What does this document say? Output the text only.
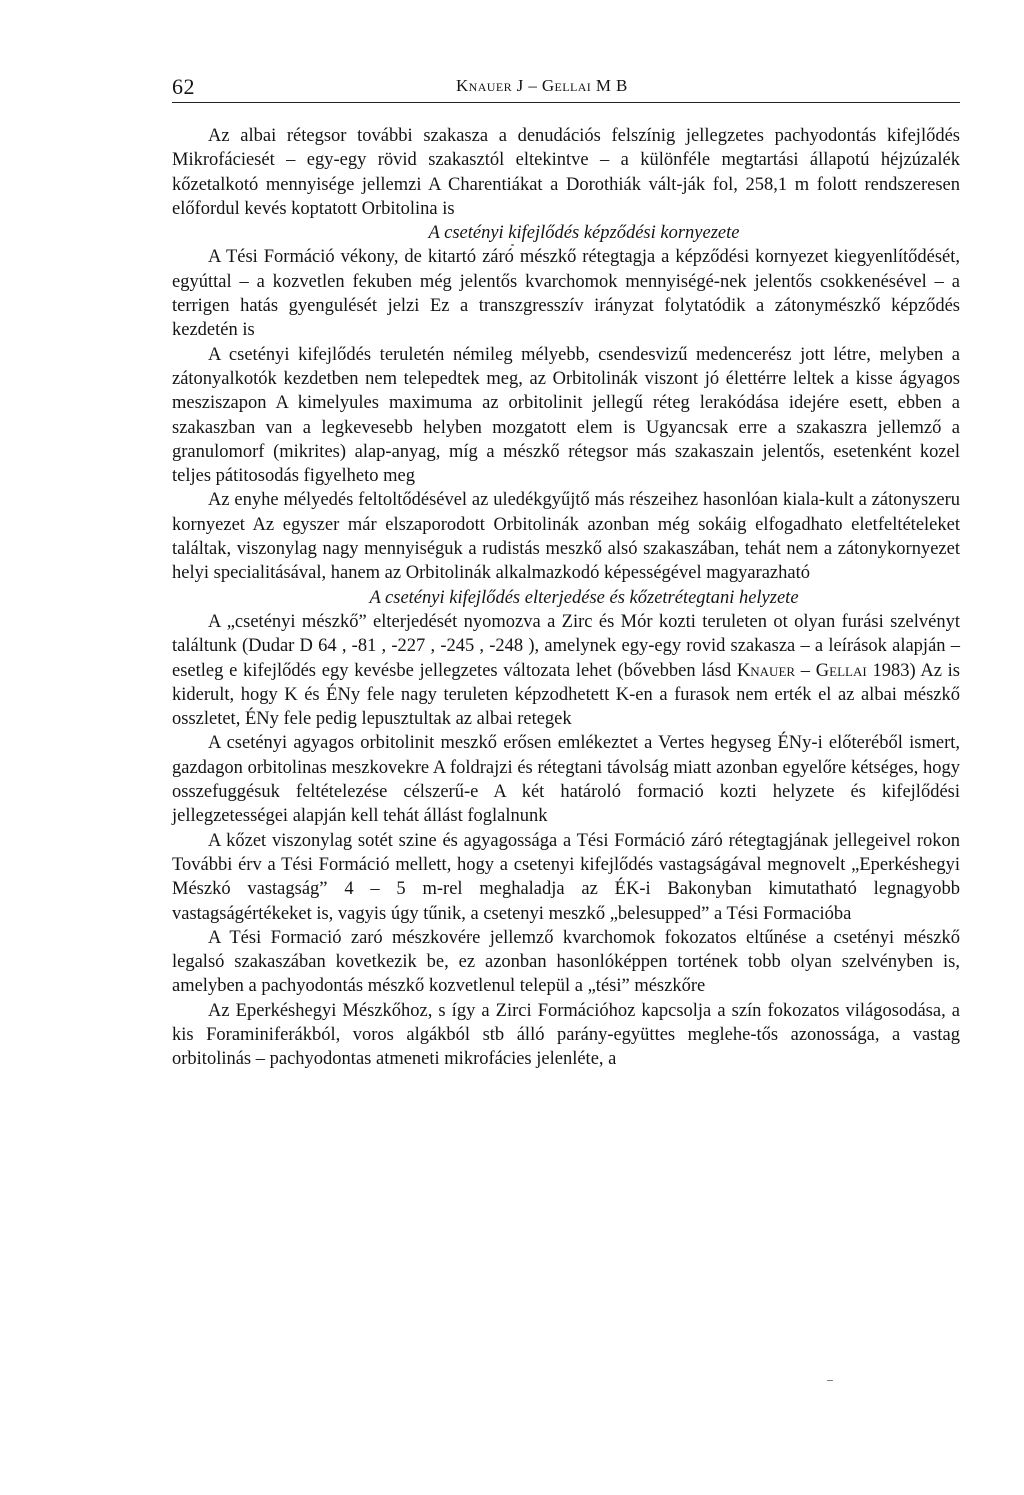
62	Knauer J – Gellai M B

Az albai rétegsor további szakasza a denudációs felszínig jellegzetes pachyodontás kifejlődés Mikrofáciesét – egy-egy rövid szakasztól eltekintve – a különféle megtartási állapotú héjzúzalék kőzetalkotó mennyisége jellemzi A Charentiákat a Dorothiák vált-ják fol, 258,1 m folott rendszeresen előfordul kevés koptatott Orbitolina is

A csetényi kifejlődés képződési kornyezete

A Tési Formáció vékony, de kitartó záró mészkő rétegtagja a képződési kornyezet kiegyenlítődését, egyúttal – a kozvetlen fekuben még jelentős kvarchomok mennyiségé-nek jelentős csokkenésével – a terrigen hatás gyengulését jelzi Ez a transzgresszív irányzat folytatódik a zátonymészkő képződés kezdetén is

A csetényi kifejlődés teruletén némileg mélyebb, csendesvizű medencerész jott létre, melyben a zátonyalkotók kezdetben nem telepedtek meg, az Orbitolinák viszont jó élettérre leltek a kisse ágyagos mesziszapon A kimelyules maximuma az orbitolinit jellegű réteg lerakódása idejére esett, ebben a szakaszban van a legkevesebb helyben mozgatott elem is Ugyancsak erre a szakaszra jellemző a granulomorf (mikrites) alap-anyag, míg a mészkő rétegsor más szakaszain jelentős, esetenként kozel teljes pátitosodás figyelheto meg

Az enyhe mélyedés feltoltődésével az uledékgyűjtő más részeihez hasonlóan kiala-kult a zátonyszeru kornyezet Az egyszer már elszaporodott Orbitolinák azonban még sokáig elfogadhato eletfeltételeket találtak, viszonylag nagy mennyiséguk a rudistás meszkő alsó szakaszában, tehát nem a zátonykornyezet helyi specialitásával, hanem az Orbitolinák alkalmazkodó képességével magyarazható

A csetényi kifejlődés elterjedése és kőzetrétegtani helyzete

A „csetényi mészkő” elterjedését nyomozva a Zirc és Mór kozti teruleten ot olyan furási szelvényt találtunk (Dudar D 64 , -81 , -227 , -245 , -248 ), amelynek egy-egy rovid szakasza – a leírások alapján – esetleg e kifejlődés egy kevésbe jellegzetes változata lehet (bővebben lásd Knauer – Gellai 1983) Az is kiderult, hogy K és ÉNy fele nagy teruleten képzodhetett K-en a furasok nem erték el az albai mészkő osszletet, ÉNy fele pedig lepusztultak az albai retegek

A csetényi agyagos orbitolinit meszkő erősen emlékeztet a Vertes hegyseg ÉNy-i előteréből ismert, gazdagon orbitolinas meszkovekre A foldrajzi és rétegtani távolság miatt azonban egyelőre kétséges, hogy osszefuggésuk feltételezése célszerű-e A két határoló formació kozti helyzete és kifejlődési jellegzetességei alapján kell tehát állást foglalnunk

A kőzet viszonylag sotét szine és agyagossága a Tési Formáció záró rétegtagjának jellegeivel rokon További érv a Tési Formáció mellett, hogy a csetenyi kifejlődés vastagságával megnovelt „Eperkéshegyi Mészkó vastagság” 4 – 5 m-rel meghaladja az ÉK-i Bakonyban kimutatható legnagyobb vastagságértékeket is, vagyis úgy tűnik, a csetenyi meszkő „belesupped” a Tési Formacióba

A Tési Formació zaró mészkovére jellemző kvarchomok fokozatos eltűnése a csetényi mészkő legalsó szakaszában kovetkezik be, ez azonban hasonlóképpen tortének tobb olyan szelvényben is, amelyben a pachyodontás mészkő kozvetlenul települ a „tési” mészkőre

Az Eperkéshegyi Mészkőhoz, s így a Zirci Formációhoz kapcsolja a szín fokozatos világosodása, a kis Foraminiferákból, voros algákból stb álló parány-együttes meglehe-tős azonossága, a vastag orbitolinás – pachyodontas atmeneti mikrofácies jelenléte, a
